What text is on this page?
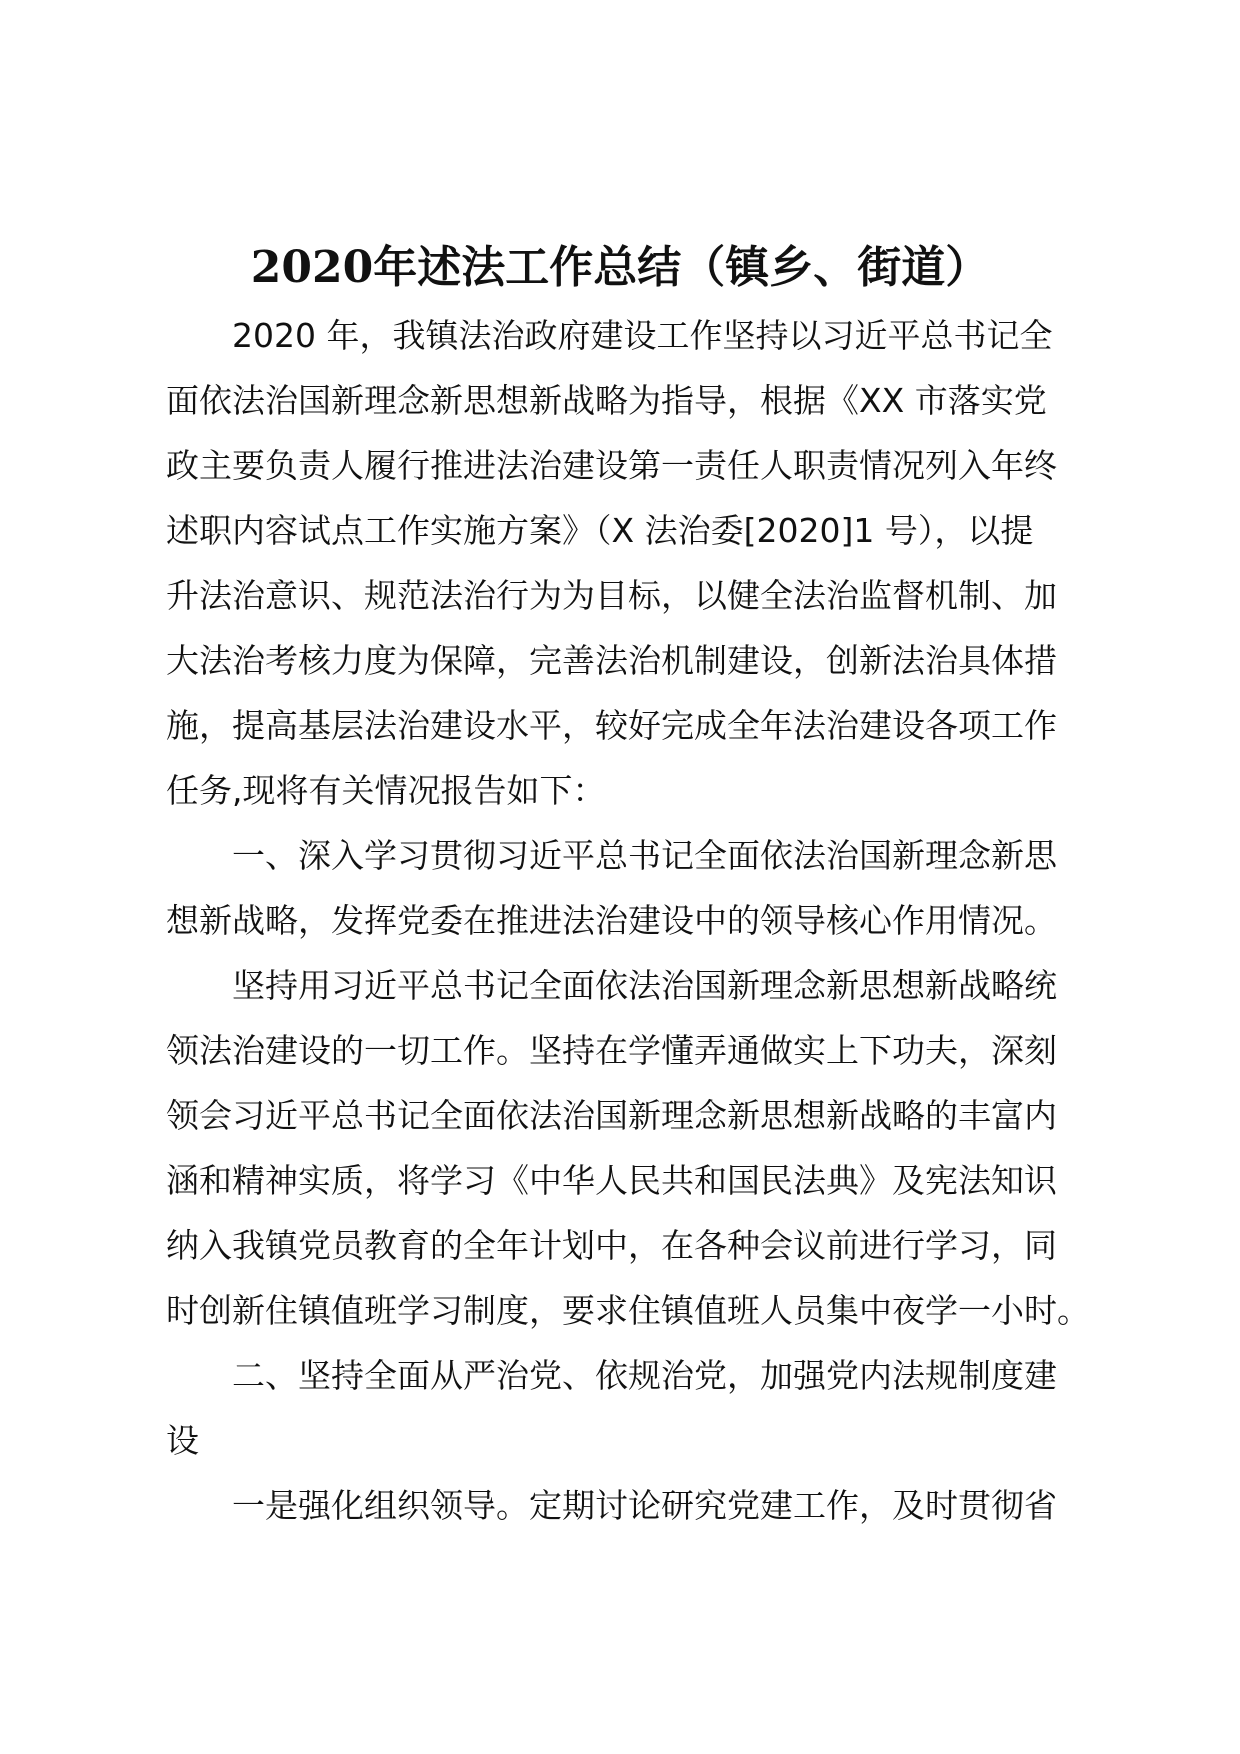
2020年述法工作总结（镇乡、街道）
2020 年，我镇法治政府建设工作坚持以习近平总书记全
面依法治国新理念新思想新战略为指导，根据《XX 市落实党
政主要负责人履行推进法治建设第一责任人职责情况列入年终
述职内容试点工作实施方案》（X 法治委[2020]1 号），以提
升法治意识、规范法治行为为目标，以健全法治监督机制、加
大法治考核力度为保障，完善法治机制建设，创新法治具体措
施，提高基层法治建设水平，较好完成全年法治建设各项工作
任务,现将有关情况报告如下：
一、深入学习贯彻习近平总书记全面依法治国新理念新思
想新战略，发挥党委在推进法治建设中的领导核心作用情况。
坚持用习近平总书记全面依法治国新理念新思想新战略统
领法治建设的一切工作。坚持在学懂弄通做实上下功夫，深刻
领会习近平总书记全面依法治国新理念新思想新战略的丰富内
涵和精神实质，将学习《中华人民共和国民法典》及宪法知识
纳入我镇党员教育的全年计划中，在各种会议前进行学习，同
时创新住镇值班学习制度，要求住镇值班人员集中夜学一小时。
二、坚持全面从严治党、依规治党，加强党内法规制度建
设
一是强化组织领导。定期讨论研究党建工作，及时贯彻省
